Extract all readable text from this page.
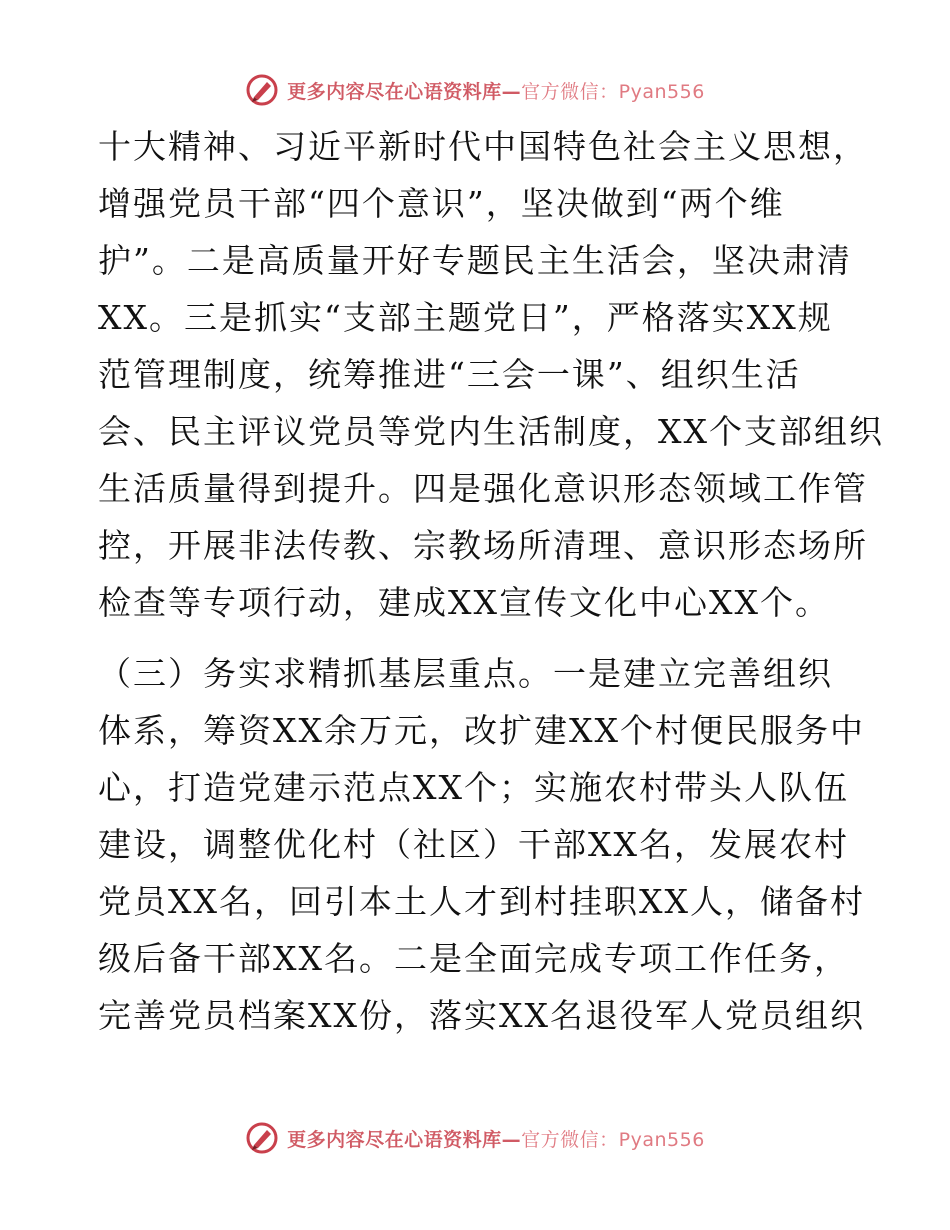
更多内容尽在心语资料库—官方微信：Pyan556

十大精神、习近平新时代中国特色社会主义思想，
增强党员干部“四个意识”，坚决做到“两个维
护”。二是高质量开好专题民主生活会，坚决肃清
XX。三是抓实“支部主题党日”，严格落实XX规
范管理制度，统筹推进“三会一课”、组织生活
会、民主评议党员等党内生活制度，XX个支部组织
生活质量得到提升。四是强化意识形态领域工作管
控，开展非法传教、宗教场所清理、意识形态场所
检查等专项行动，建成XX宣传文化中心XX个。

（三）务实求精抓基层重点。一是建立完善组织
体系，筹资XX余万元，改扩建XX个村便民服务中
心，打造党建示范点XX个；实施农村带头人队伍
建设，调整优化村（社区）干部XX名，发展农村
党员XX名，回引本土人才到村挂职XX人，储备村
级后备干部XX名。二是全面完成专项工作任务，
完善党员档案XX份，落实XX名退役军人党员组织

更多内容尽在心语资料库—官方微信：Pyan556
